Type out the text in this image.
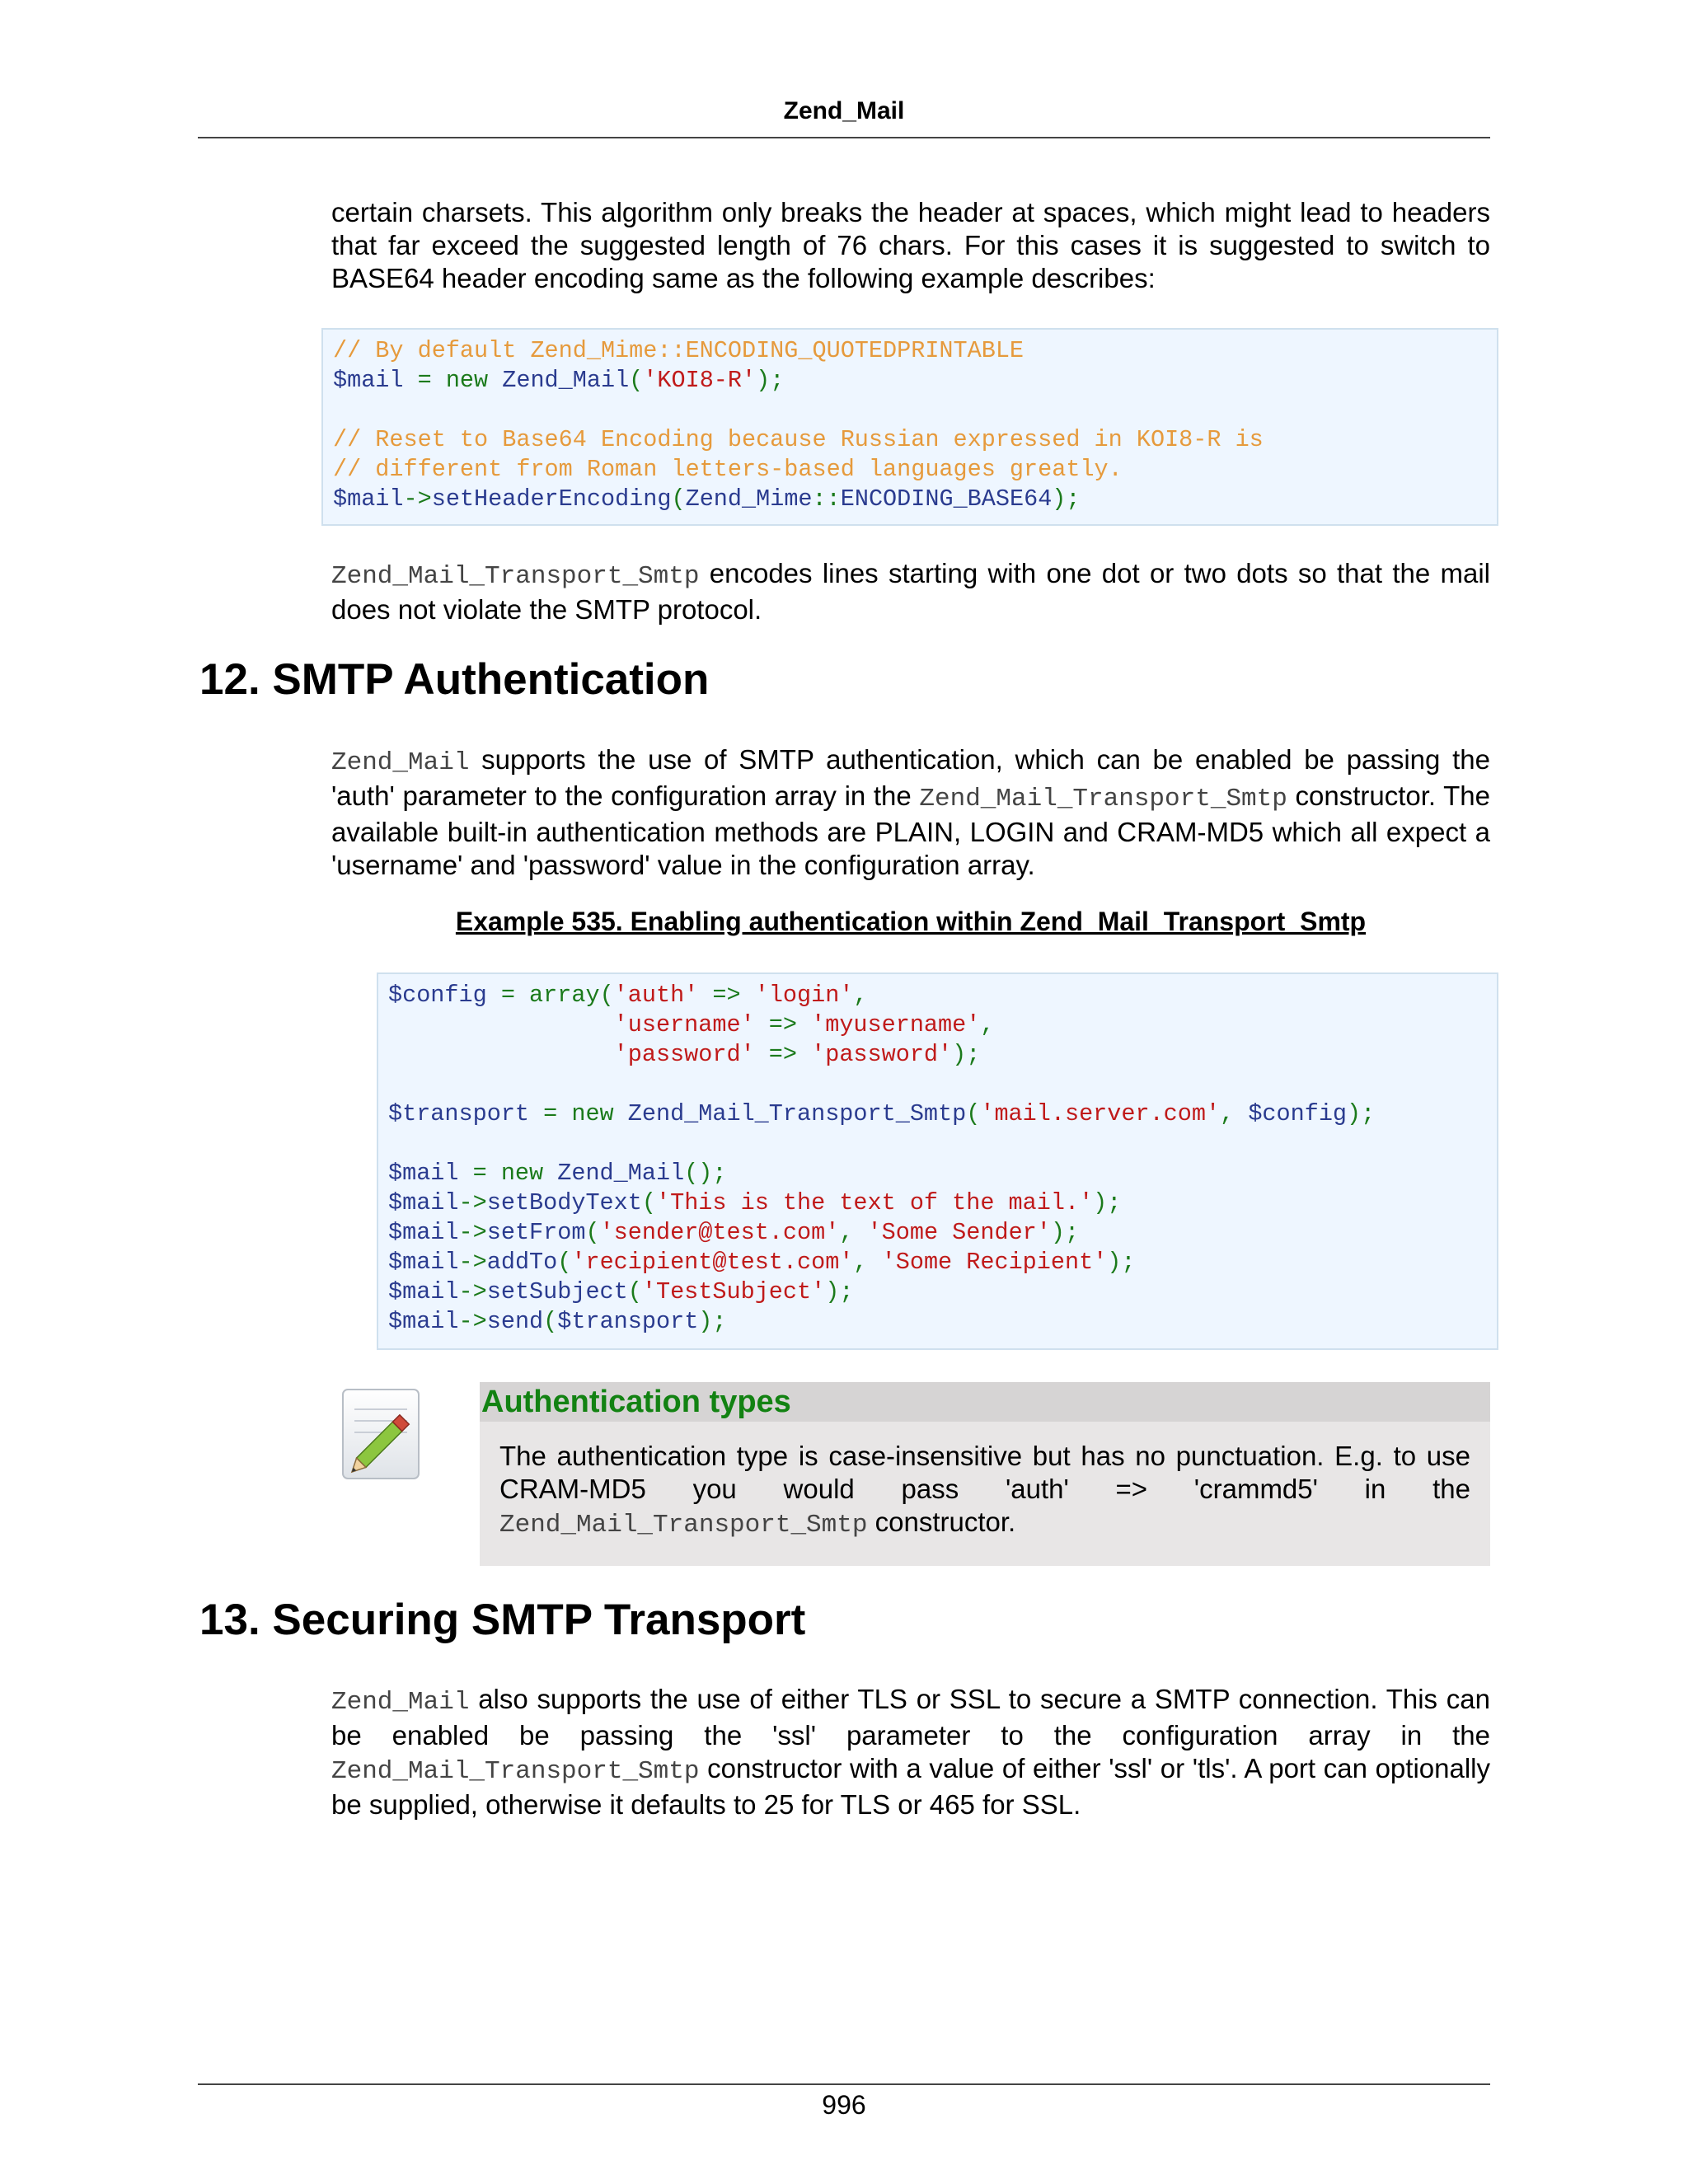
Zend_Mail

certain charsets. This algorithm only breaks the header at spaces, which might lead to headers that far exceed the suggested length of 76 chars. For this cases it is suggested to switch to BASE64 header encoding same as the following example describes:

// By default Zend_Mime::ENCODING_QUOTEDPRINTABLE
$mail = new Zend_Mail('KOI8-R');
// Reset to Base64 Encoding because Russian expressed in KOI8-R is
// different from Roman letters-based languages greatly.
$mail->setHeaderEncoding(Zend_Mime::ENCODING_BASE64);

Zend_Mail_Transport_Smtp encodes lines starting with one dot or two dots so that the mail does not violate the SMTP protocol.

12. SMTP Authentication

Zend_Mail supports the use of SMTP authentication, which can be enabled be passing the 'auth' parameter to the configuration array in the Zend_Mail_Transport_Smtp constructor. The available built-in authentication methods are PLAIN, LOGIN and CRAM-MD5 which all expect a 'username' and 'password' value in the configuration array.

Example 535. Enabling authentication within Zend_Mail_Transport_Smtp
$config = array('auth' => 'login',
'username' => 'myusername',
'password' => 'password');
$transport = new Zend_Mail_Transport_Smtp('mail.server.com', $config);
$mail = new Zend_Mail();
$mail->setBodyText('This is the text of the mail.');
$mail->setFrom('sender@test.com', 'Some Sender');
$mail->addTo('recipient@test.com', 'Some Recipient');
$mail->setSubject('TestSubject');
$mail->send($transport);
Authentication types

The authentication type is case-insensitive but has no punctuation. E.g. to use CRAM-MD5 you would pass 'auth' => 'crammd5' in the Zend_Mail_Transport_Smtp constructor.

13. Securing SMTP Transport

Zend_Mail also supports the use of either TLS or SSL to secure a SMTP connection. This can be enabled be passing the 'ssl' parameter to the configuration array in the Zend_Mail_Transport_Smtp constructor with a value of either 'ssl' or 'tls'. A port can optionally be supplied, otherwise it defaults to 25 for TLS or 465 for SSL.

996
